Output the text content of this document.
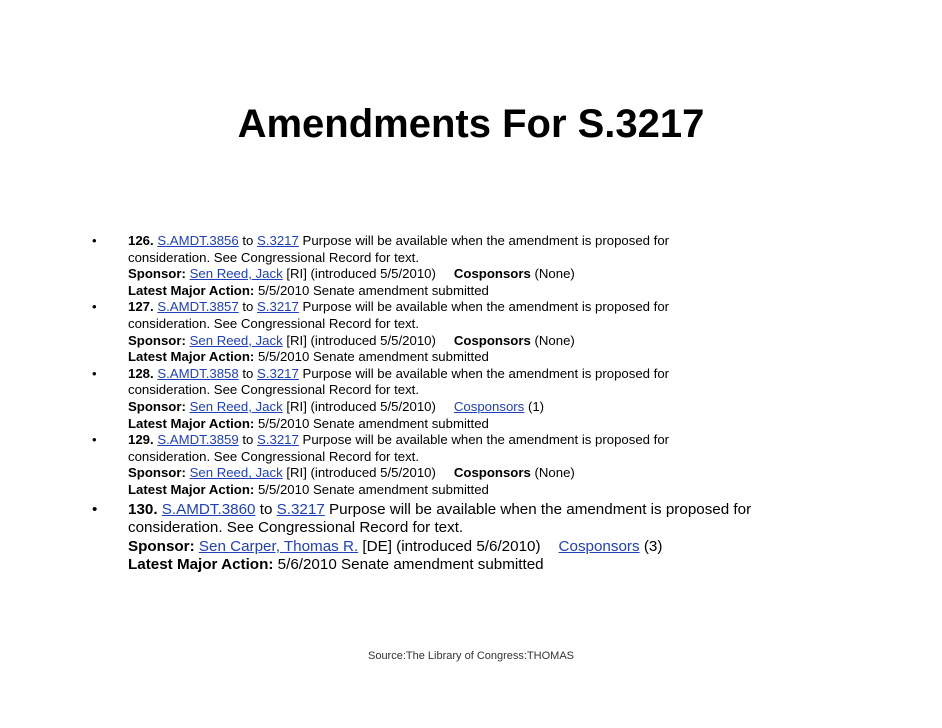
Amendments For S.3217
•	126. S.AMDT.3856 to S.3217 Purpose will be available when the amendment is proposed for
consideration. See Congressional Record for text.
Sponsor: Sen Reed, Jack [RI] (introduced 5/5/2010) Cosponsors (None)
Latest Major Action: 5/5/2010 Senate amendment submitted
•	127. S.AMDT.3857 to S.3217 Purpose will be available when the amendment is proposed for
consideration. See Congressional Record for text.
Sponsor: Sen Reed, Jack [RI] (introduced 5/5/2010) Cosponsors (None)
Latest Major Action: 5/5/2010 Senate amendment submitted
•	128. S.AMDT.3858 to S.3217 Purpose will be available when the amendment is proposed for
consideration. See Congressional Record for text.
Sponsor: Sen Reed, Jack [RI] (introduced 5/5/2010) Cosponsors (1)
Latest Major Action: 5/5/2010 Senate amendment submitted
•	129. S.AMDT.3859 to S.3217 Purpose will be available when the amendment is proposed for
consideration. See Congressional Record for text.
Sponsor: Sen Reed, Jack [RI] (introduced 5/5/2010) Cosponsors (None)
Latest Major Action: 5/5/2010 Senate amendment submitted
•	130. S.AMDT.3860 to S.3217 Purpose will be available when the amendment is proposed for
consideration. See Congressional Record for text.
Sponsor: Sen Carper, Thomas R. [DE] (introduced 5/6/2010) Cosponsors (3)
Latest Major Action: 5/6/2010 Senate amendment submitted
Source:The Library of Congress:THOMAS
